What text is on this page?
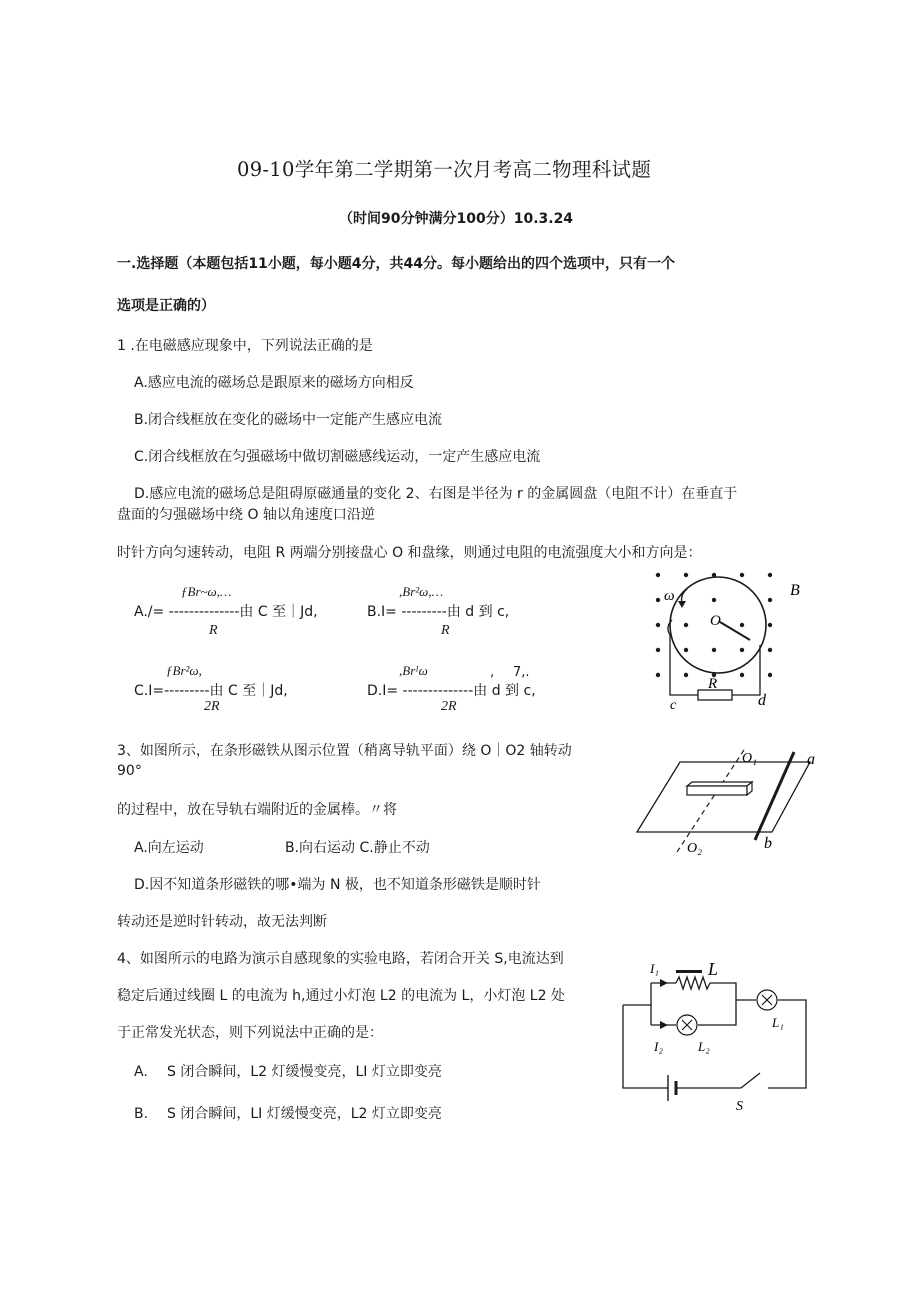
09-10学年第二学期第一次月考高二物理科试题
（时间90分钟满分100分）10.3.24
一.选择题（本题包括11小题，每小题4分，共44分。每小题给出的四个选项中，只有一个
选项是正确的）
1 .在电磁感应现象中，下列说法正确的是
A.感应电流的磁场总是跟原来的磁场方向相反
B.闭合线框放在变化的磁场中一定能产生感应电流
C.闭合线框放在匀强磁场中做切割磁感线运动，一定产生感应电流
D.感应电流的磁场总是阻碍原磁通量的变化 2、右图是半径为 r 的金属圆盘（电阻不计）在垂直于
盘面的匀强磁场中绕 O 轴以角速度口沿逆
时针方向匀速转动，电阻 R 两端分别接盘心 O 和盘缘，则通过电阻的电流强度大小和方向是：
ƒBr~ω,…
A./= --------------由 C 至｜Jd,
R
,Br²ω,…
B.I= ---------由 d 到 c,
R
ƒBr²ω,
C.I=---------由 C 至｜Jd,
2R
,Brᴵω	, 7,.
D.I= --------------由 d 到 c,
2R
ω
O
B
R
c	d
3、如图所示，在条形磁铁从图示位置（稍离导轨平面）绕 O｜O2 轴转动
90°
的过程中，放在导轨右端附近的金属棒。〃将
A.向左运动	B.向右运动 C.静止不动
D.因不知道条形磁铁的哪•端为 N 极，也不知道条形磁铁是顺时针
转动还是逆时针转动，故无法判断
O₁
O₂
a
b
4、如图所示的电路为演示自感现象的实验电路，若闭合开关 S,电流达到
稳定后通过线圈 L 的电流为 h,通过小灯泡 L2 的电流为 L，小灯泡 L2 处
于正常发光状态，则下列说法中正确的是：
A. S 闭合瞬间，L2 灯缓慢变亮，LI 灯立即变亮
B. S 闭合瞬间，LI 灯缓慢变亮，L2 灯立即变亮
I₁	L
I₂	L₂
L₁
S
